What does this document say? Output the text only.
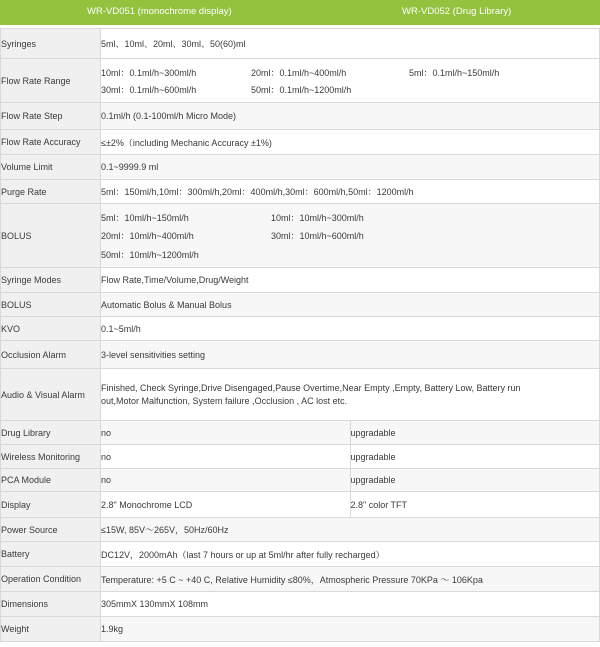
WR-VD051 (monochrome display)	WR-VD052 (Drug Library)
Syringes	5ml、10ml、20ml、30ml、50(60)ml	
Flow Rate Range	10ml：0.1ml/h~300ml/h 20ml：0.1ml/h~400ml/h 5ml：0.1ml/h~150ml/h
30ml：0.1ml/h~600ml/h 50ml：0.1ml/h~1200ml/h	

Flow Rate Step	0.1ml/h (0.1-100ml/h Micro Mode)	
Flow Rate Accuracy	≤±2%（including Mechanic Accuracy ±1%)	
Volume Limit	0.1~9999.9 ml	
Purge Rate	5ml：150ml/h,10ml：300ml/h,20ml：400ml/h,30ml：600ml/h,50ml：1200ml/h	
BOLUS	5ml：10ml/h~150ml/h 10ml：10ml/h~300ml/h
20ml：10ml/h~400ml/h 30ml：10ml/h~600ml/h
50ml：10ml/h~1200ml/h	

Syringe Modes	Flow Rate,Time/Volume,Drug/Weight	
BOLUS	Automatic Bolus & Manual Bolus	
KVO	0.1~5ml/h	
Occlusion Alarm	3-level sensitivities setting	
Audio & Visual Alarm	Finished, Check Syringe,Drive Disengaged,Pause Overtime,Near Empty ,Empty, Battery Low, Battery run
out,Motor Malfunction, System failure ,Occlusion , AC lost etc.	

Drug Library	no	upgradable
Wireless Monitoring	no	upgradable
PCA Module	no	upgradable
Display	2.8" Monochrome LCD	2.8" color TFT
Power Source	≤15W, 85V～265V，50Hz/60Hz	
Battery	DC12V，2000mAh（last 7 hours or up at 5ml/hr after fully recharged）	
Operation Condition	Temperature: +5 C ~ +40 C, Relative Humidity ≤80%，Atmospheric Pressure 70KPa ～ 106Kpa	
Dimensions	305mmX 130mmX 108mm	
Weight	1.9kg	
